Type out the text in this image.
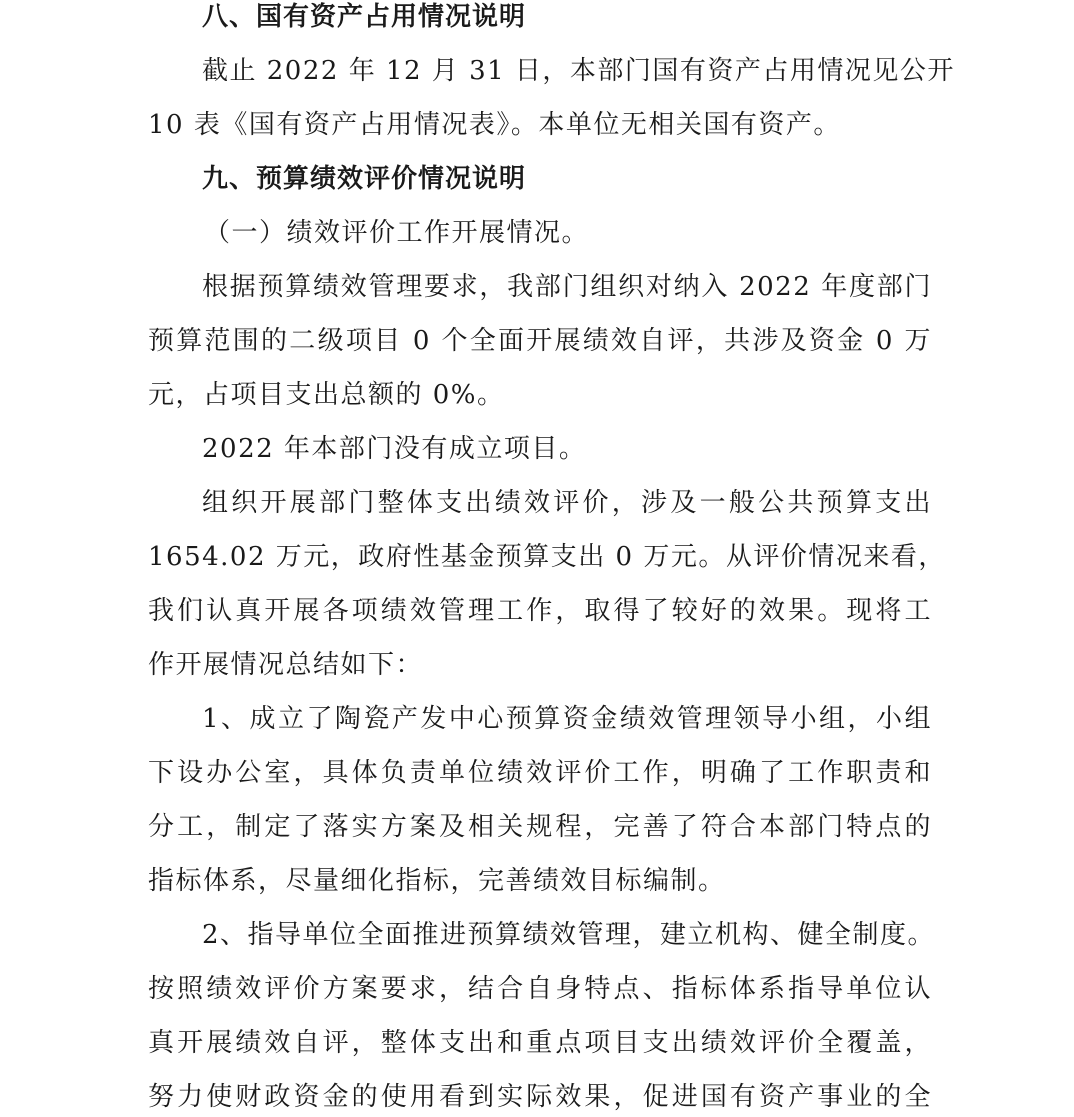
八、国有资产占用情况说明
截止 2022 年 12 月 31 日，本部门国有资产占用情况见公开
10 表《国有资产占用情况表》。本单位无相关国有资产。
九、预算绩效评价情况说明
（一）绩效评价工作开展情况。
根据预算绩效管理要求，我部门组织对纳入 2022 年度部门
预算范围的二级项目 0 个全面开展绩效自评，共涉及资金 0 万
元，占项目支出总额的 0%。
2022 年本部门没有成立项目。
组织开展部门整体支出绩效评价，涉及一般公共预算支出
1654.02 万元，政府性基金预算支出 0 万元。从评价情况来看，
我们认真开展各项绩效管理工作，取得了较好的效果。现将工
作开展情况总结如下：
1、成立了陶瓷产发中心预算资金绩效管理领导小组，小组
下设办公室，具体负责单位绩效评价工作，明确了工作职责和
分工，制定了落实方案及相关规程，完善了符合本部门特点的
指标体系，尽量细化指标，完善绩效目标编制。
2、指导单位全面推进预算绩效管理，建立机构、健全制度。
按照绩效评价方案要求，结合自身特点、指标体系指导单位认
真开展绩效自评，整体支出和重点项目支出绩效评价全覆盖，
努力使财政资金的使用看到实际效果，促进国有资产事业的全
